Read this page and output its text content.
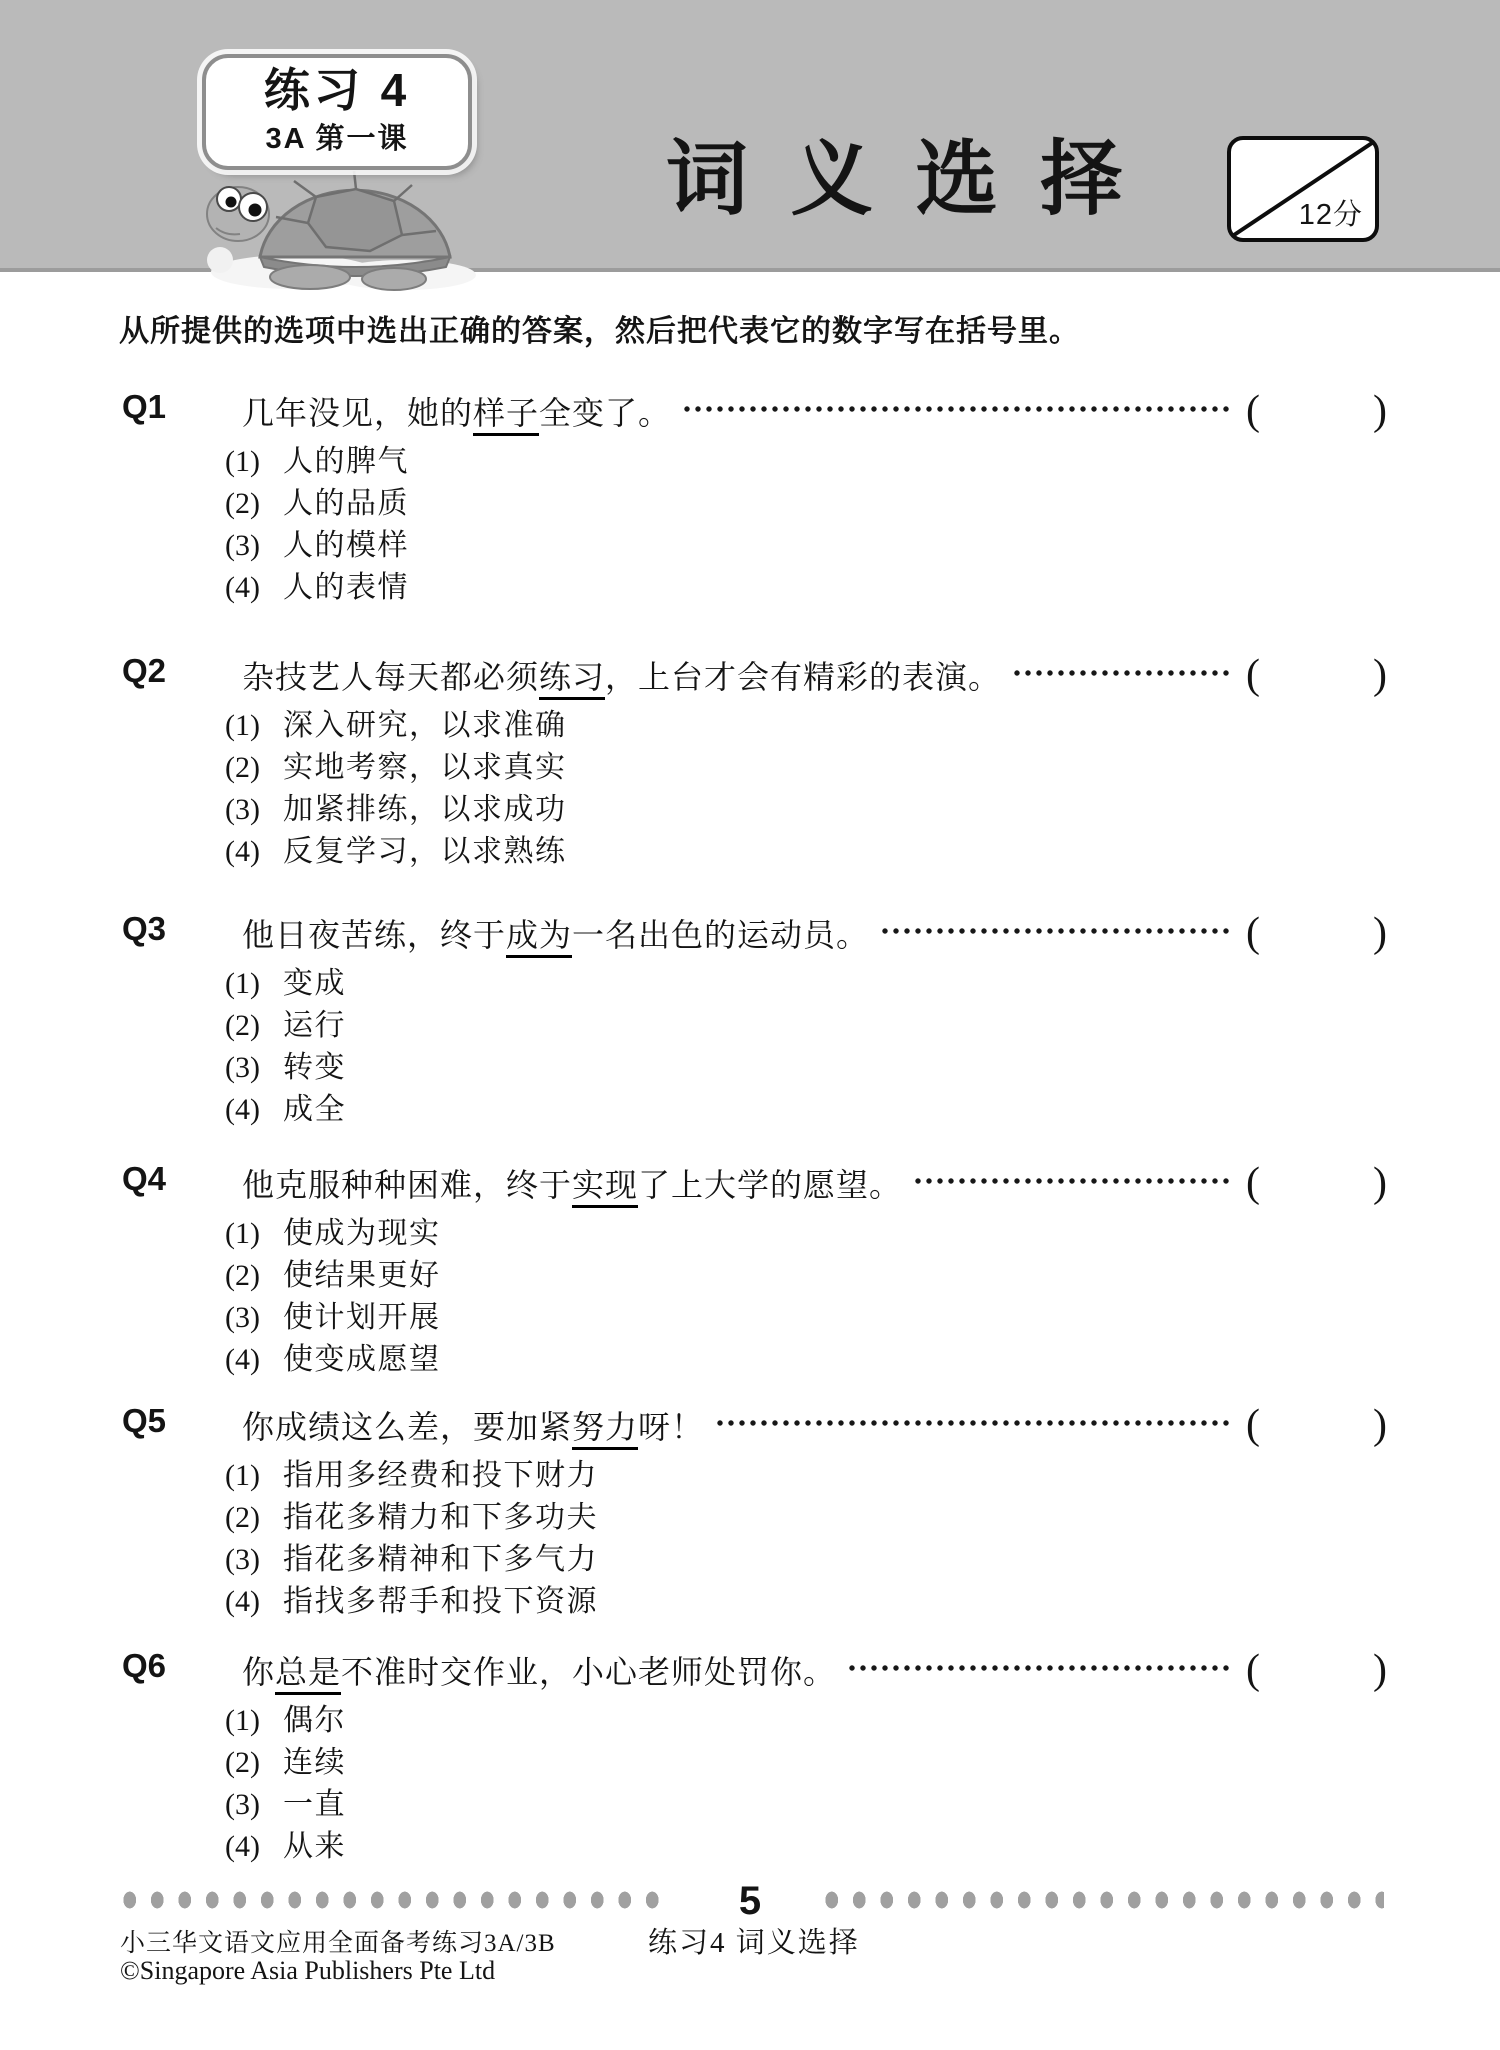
练习 4
3A 第一课	词 义 选 择	12分
从所提供的选项中选出正确的答案，然后把代表它的数字写在括号里。
Q1 几年没见，她的样子全变了。	(	)
(1) 人的脾气
(2) 人的品质
(3) 人的模样
(4) 人的表情
Q2 杂技艺人每天都必须练习，上台才会有精彩的表演。	(	)
(1) 深入研究，以求准确
(2) 实地考察，以求真实
(3) 加紧排练，以求成功
(4) 反复学习，以求熟练
Q3 他日夜苦练，终于成为一名出色的运动员。	(	)
(1) 变成
(2) 运行
(3) 转变
(4) 成全
Q4 他克服种种困难，终于实现了上大学的愿望。	(	)
(1) 使成为现实
(2) 使结果更好
(3) 使计划开展
(4) 使变成愿望
Q5 你成绩这么差，要加紧努力呀！	(	)
(1) 指用多经费和投下财力
(2) 指花多精力和下多功夫
(3) 指花多精神和下多气力
(4) 指找多帮手和投下资源
Q6 你总是不准时交作业，小心老师处罚你。	(	)
(1) 偶尔
(2) 连续
(3) 一直
(4) 从来
5
小三华文语文应用全面备考练习3A/3B	练习4 词义选择
©Singapore Asia Publishers Pte Ltd
